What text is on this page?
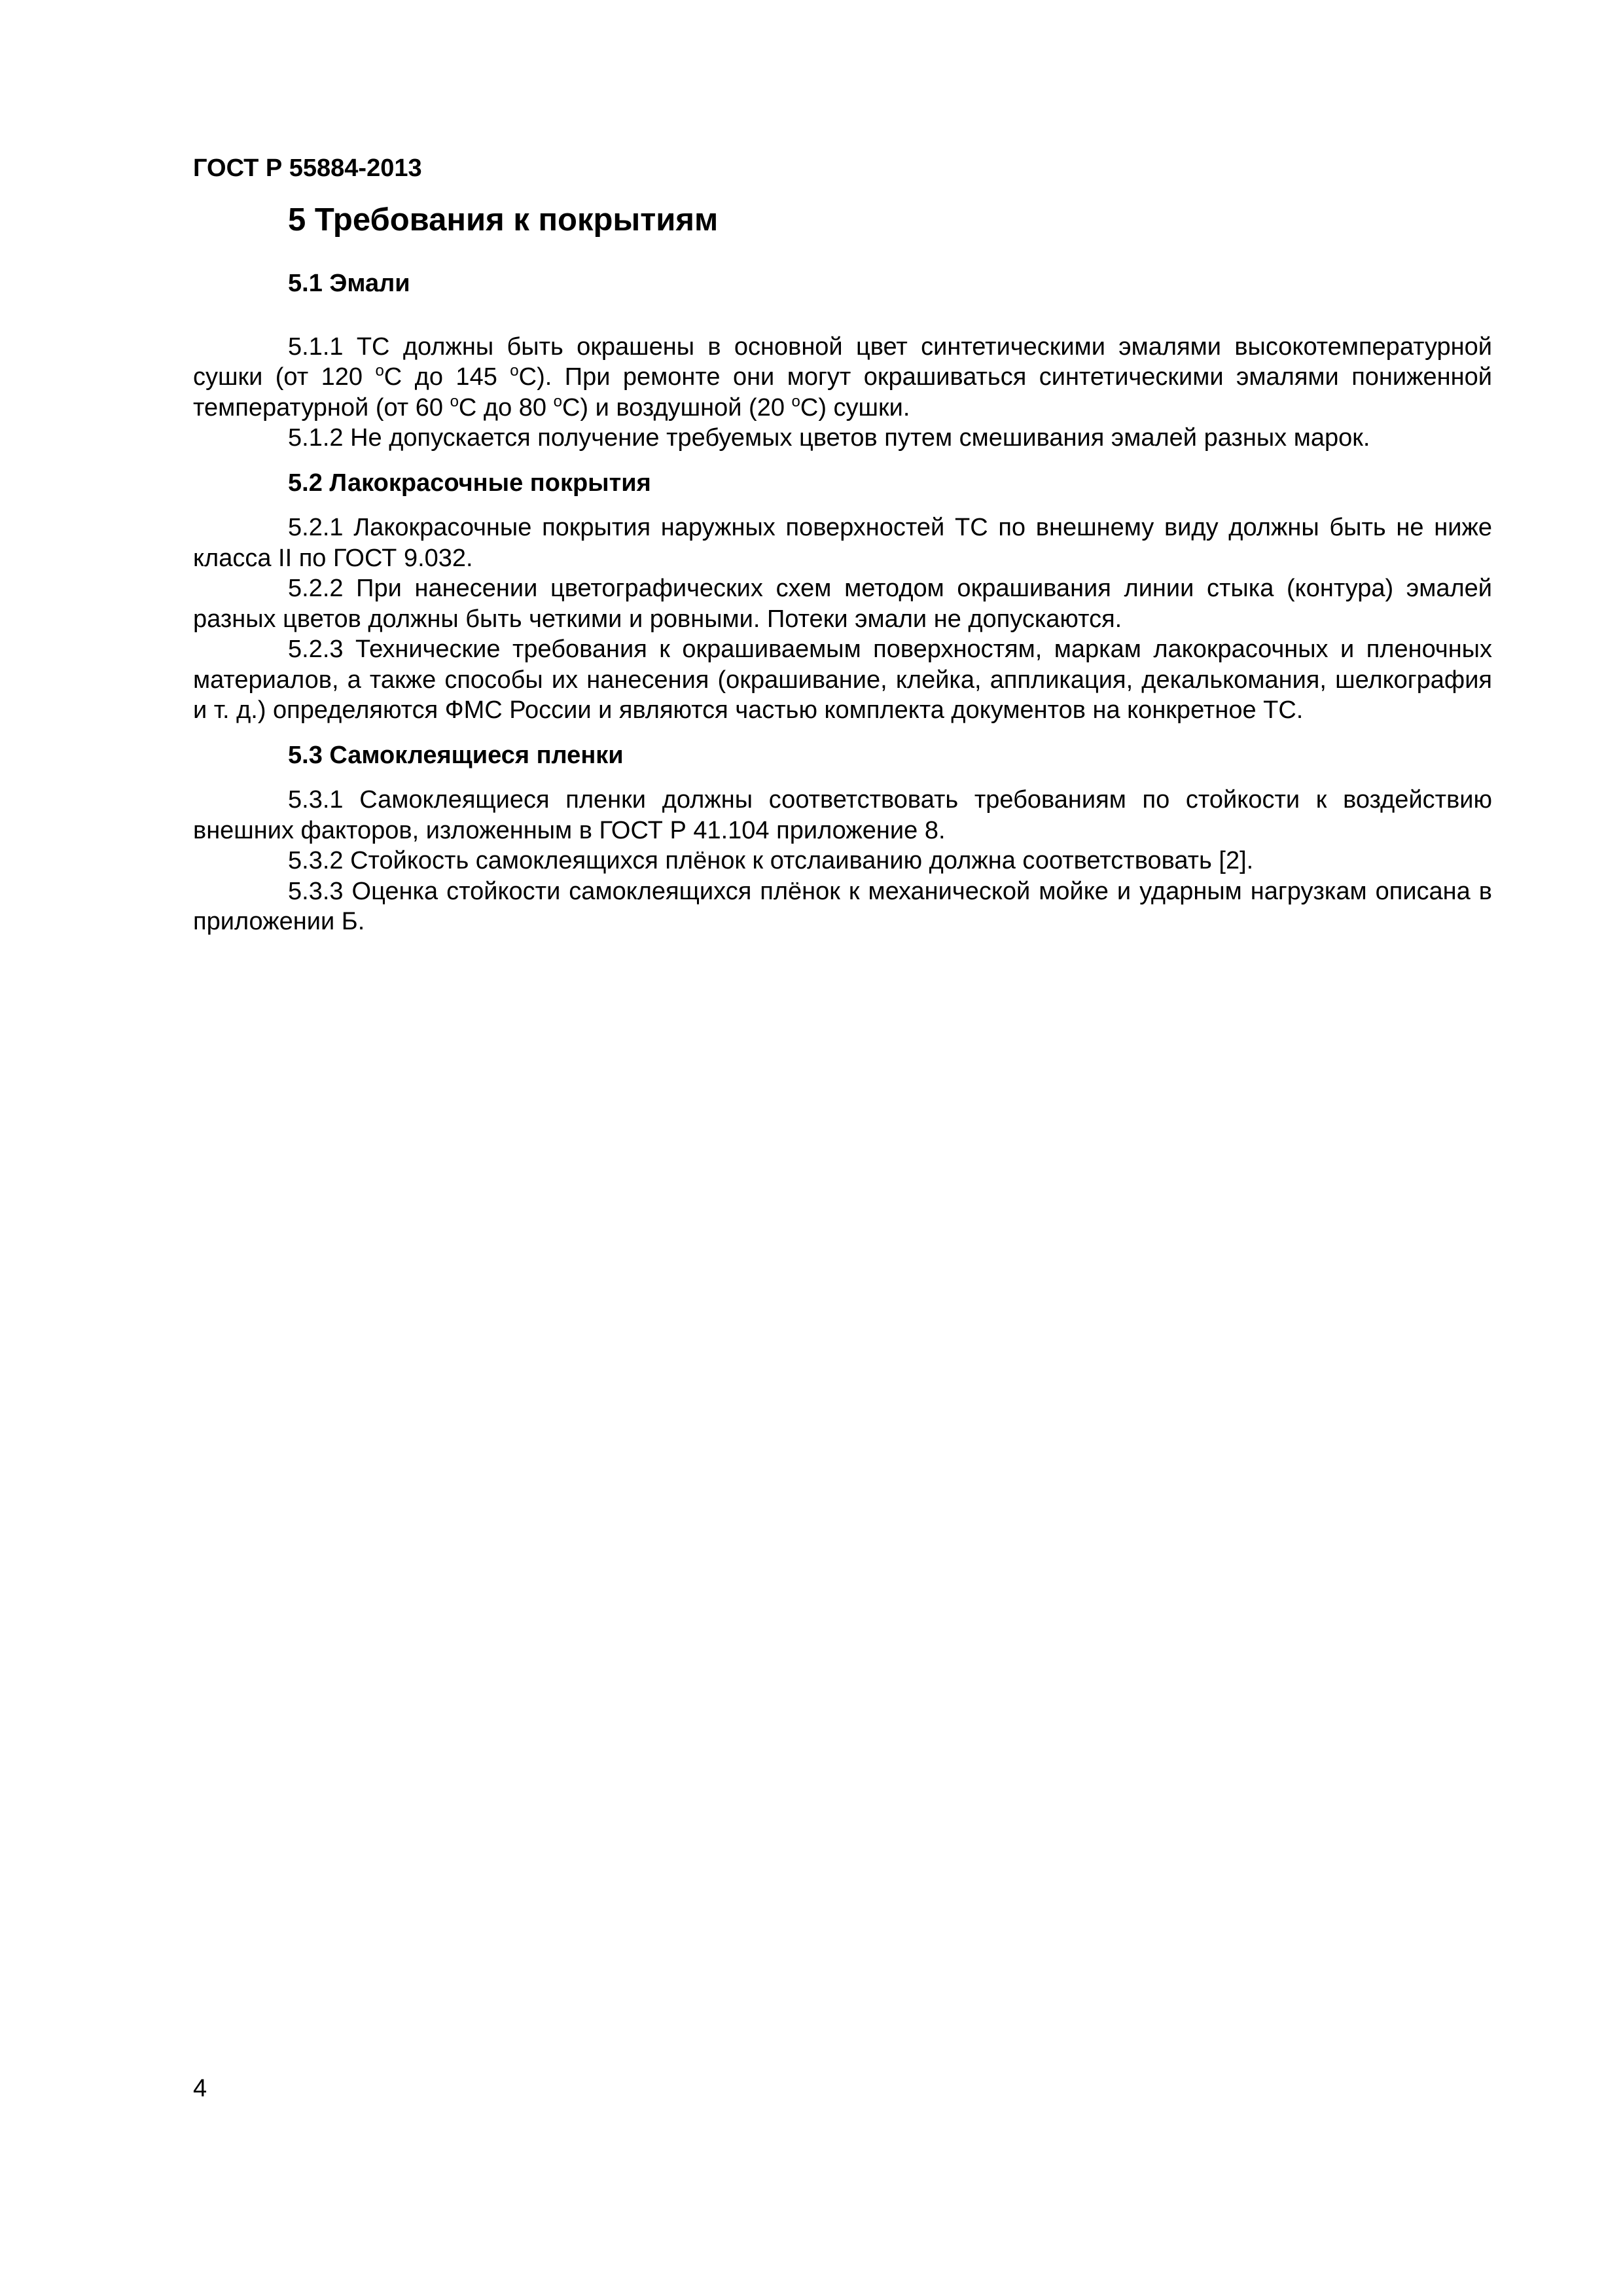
ГОСТ Р 55884-2013
5 Требования к покрытиям
5.1 Эмали

5.1.1 ТС должны быть окрашены в основной цвет синтетическими эмалями высокотемпературной сушки (от 120 $^o$C до 145 $^o$C). При ремонте они могут окрашиваться синтетическими эмалями пониженной температурной (от 60 $^o$C до 80 $^o$C) и воздушной (20 $^o$C) сушки.

5.1.2 Не допускается получение требуемых цветов путем смешивания эмалей разных марок.

5.2 Лакокрасочные покрытия

5.2.1 Лакокрасочные покрытия наружных поверхностей ТС по внешнему виду должны быть не ниже класса II по ГОСТ 9.032.

5.2.2 При нанесении цветографических схем методом окрашивания линии стыка (контура) эмалей разных цветов должны быть четкими и ровными. Потеки эмали не допускаются.

5.2.3 Технические требования к окрашиваемым поверхностям, маркам лакокрасочных и пленочных материалов, а также способы их нанесения (окрашивание, клейка, аппликация, декалькомания, шелкография и т. д.) определяются ФМС России и являются частью комплекта документов на конкретное ТС.

5.3 Самоклеящиеся пленки

5.3.1 Самоклеящиеся пленки должны соответствовать требованиям по стойкости к воздействию внешних факторов, изложенным в ГОСТ Р 41.104 приложение 8.

5.3.2 Стойкость самоклеящихся плёнок к отслаиванию должна соответствовать [2].

5.3.3 Оценка стойкости самоклеящихся плёнок к механической мойке и ударным нагрузкам описана в приложении Б.

4
